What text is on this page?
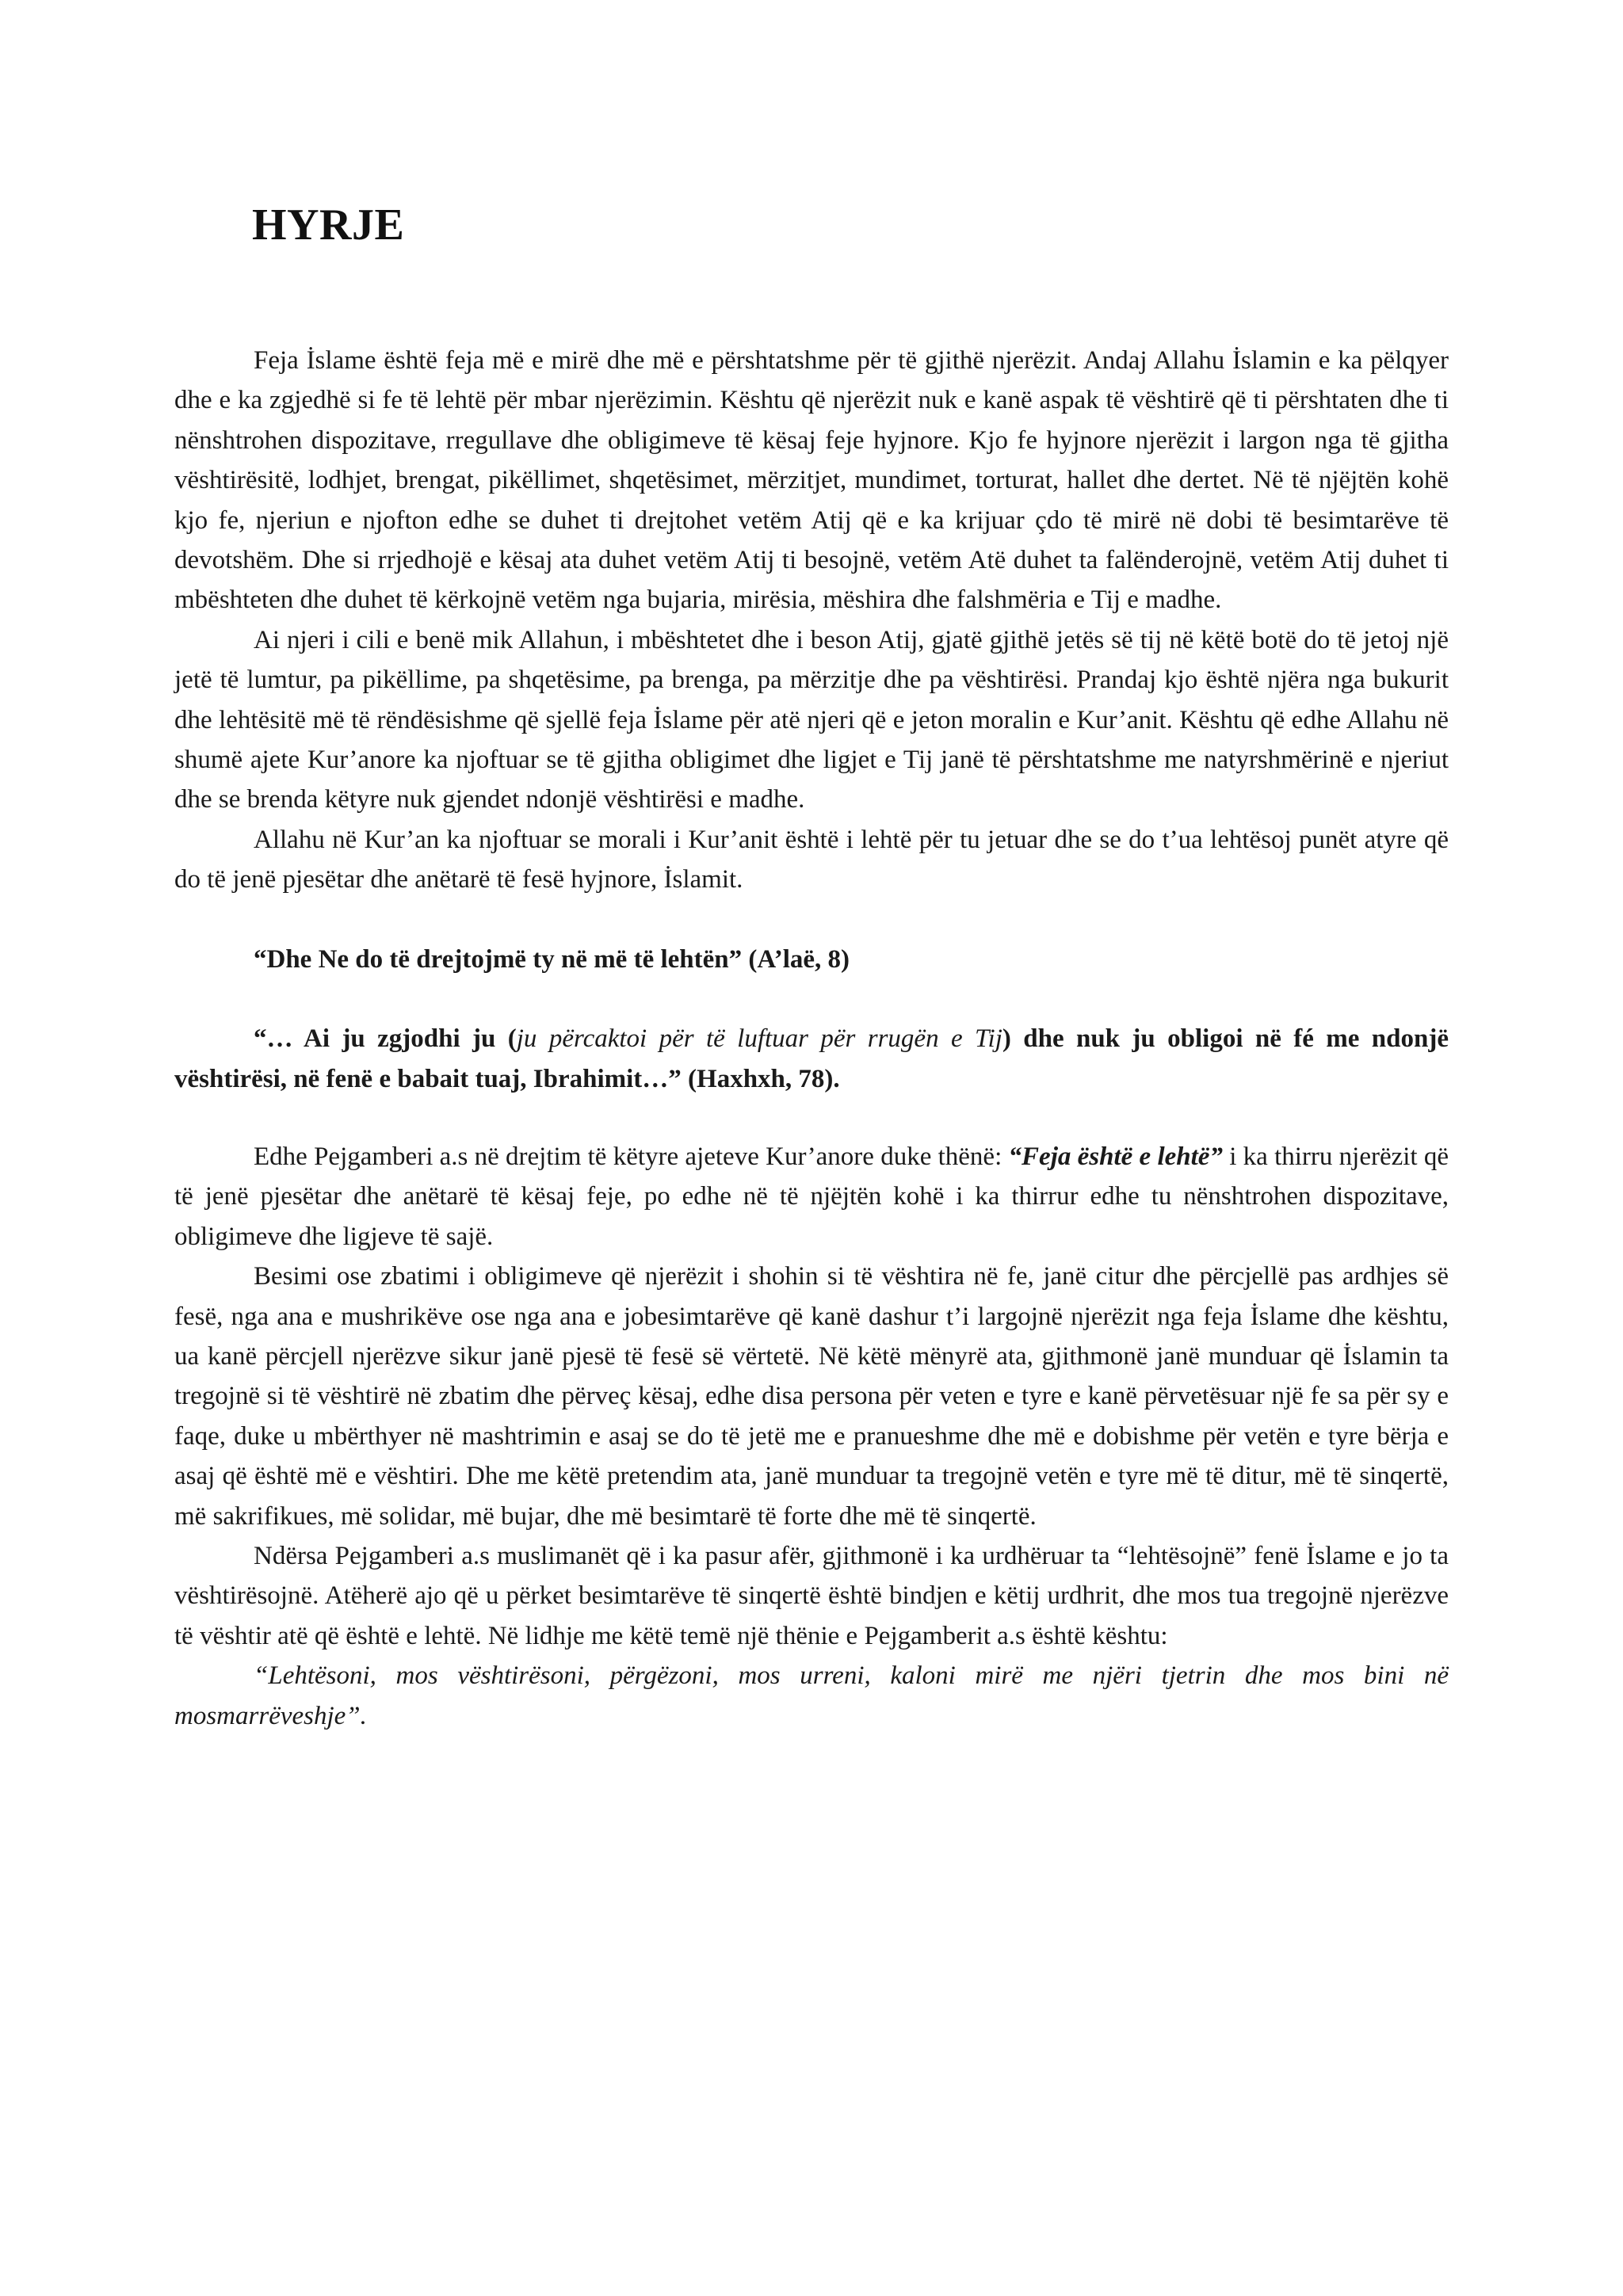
HYRJE

Feja İslame është feja më e mirë dhe më e përshtatshme për të gjithë njerëzit. Andaj Allahu İslamin e ka pëlqyer dhe e ka zgjedhë si fe të lehtë për mbar njerëzimin. Kështu që njerëzit nuk e kanë aspak të vështirë që ti përshtaten dhe ti nënshtrohen dispozitave, rregullave dhe obligimeve të kësaj feje hyjnore. Kjo fe hyjnore njerëzit i largon nga të gjitha vështirësitë, lodhjet, brengat, pikëllimet, shqetësimet, mërzitjet, mundimet, torturat, hallet dhe dertet. Në të njëjtën kohë kjo fe, njeriun e njofton edhe se duhet ti drejtohet vetëm Atij që e ka krijuar çdo të mirë në dobi të besimtarëve të devotshëm. Dhe si rrjedhojë e kësaj ata duhet vetëm Atij ti besojnë, vetëm Atë duhet ta falënderojnë, vetëm Atij duhet ti mbështeten dhe duhet të kërkojnë vetëm nga bujaria, mirësia, mëshira dhe falshmëria e Tij e madhe.

Ai njeri i cili e benë mik Allahun, i mbështetet dhe i beson Atij, gjatë gjithë jetës së tij në këtë botë do të jetoj një jetë të lumtur, pa pikëllime, pa shqetësime, pa brenga, pa mërzitje dhe pa vështirësi. Prandaj kjo është njëra nga bukurit dhe lehtësitë më të rëndësishme që sjellë feja İslame për atë njeri që e jeton moralin e Kur’anit. Kështu që edhe Allahu në shumë ajete Kur’anore ka njoftuar se të gjitha obligimet dhe ligjet e Tij janë të përshtatshme me natyrshmërinë e njeriut dhe se brenda këtyre nuk gjendet ndonjë vështirësi e madhe.

Allahu në Kur’an ka njoftuar se morali i Kur’anit është i lehtë për tu jetuar dhe se do t’ua lehtësoj punët atyre që do të jenë pjesëtar dhe anëtarë të fesë hyjnore, İslamit.

“Dhe Ne do të drejtojmë ty në më të lehtën” (A’laë, 8)

“… Ai ju zgjodhi ju (ju përcaktoi për të luftuar për rrugën e Tij) dhe nuk ju obligoi në fé me ndonjë vështirësi, në fenë e babait tuaj, Ibrahimit…” (Haxhxh, 78).

Edhe Pejgamberi a.s në drejtim të këtyre ajeteve Kur’anore duke thënë: “Feja është e lehtë” i ka thirru njerëzit që të jenë pjesëtar dhe anëtarë të kësaj feje, po edhe në të njëjtën kohë i ka thirrur edhe tu nënshtrohen dispozitave, obligimeve dhe ligjeve të sajë.

Besimi ose zbatimi i obligimeve që njerëzit i shohin si të vështira në fe, janë citur dhe përcjellë pas ardhjes së fesë, nga ana e mushrikëve ose nga ana e jobesimtarëve që kanë dashur t’i largojnë njerëzit nga feja İslame dhe kështu, ua kanë përcjell njerëzve sikur janë pjesë të fesë së vërtetë. Në këtë mënyrë ata, gjithmonë janë munduar që İslamin ta tregojnë si të vështirë në zbatim dhe përveç kësaj, edhe disa persona për veten e tyre e kanë përvetësuar një fe sa për sy e faqe, duke u mbërthyer në mashtrimin e asaj se do të jetë me e pranueshme dhe më e dobishme për vetën e tyre bërja e asaj që është më e vështiri. Dhe me këtë pretendim ata, janë munduar ta tregojnë vetën e tyre më të ditur, më të sinqertë, më sakrifikues, më solidar, më bujar, dhe më besimtarë të forte dhe më të sinqertë.

Ndërsa Pejgamberi a.s muslimanët që i ka pasur afër, gjithmonë i ka urdhëruar ta “lehtësojnë” fenë İslame e jo ta vështirësojnë. Atëherë ajo që u përket besimtarëve të sinqertë është bindjen e këtij urdhrit, dhe mos tua tregojnë njerëzve të vështir atë që është e lehtë. Në lidhje me këtë temë një thënie e Pejgamberit a.s është kështu:

“Lehtësoni, mos vështirësoni, përgëzoni, mos urreni, kaloni mirë me njëri tjetrin dhe mos bini në mosmarrëveshje”.
